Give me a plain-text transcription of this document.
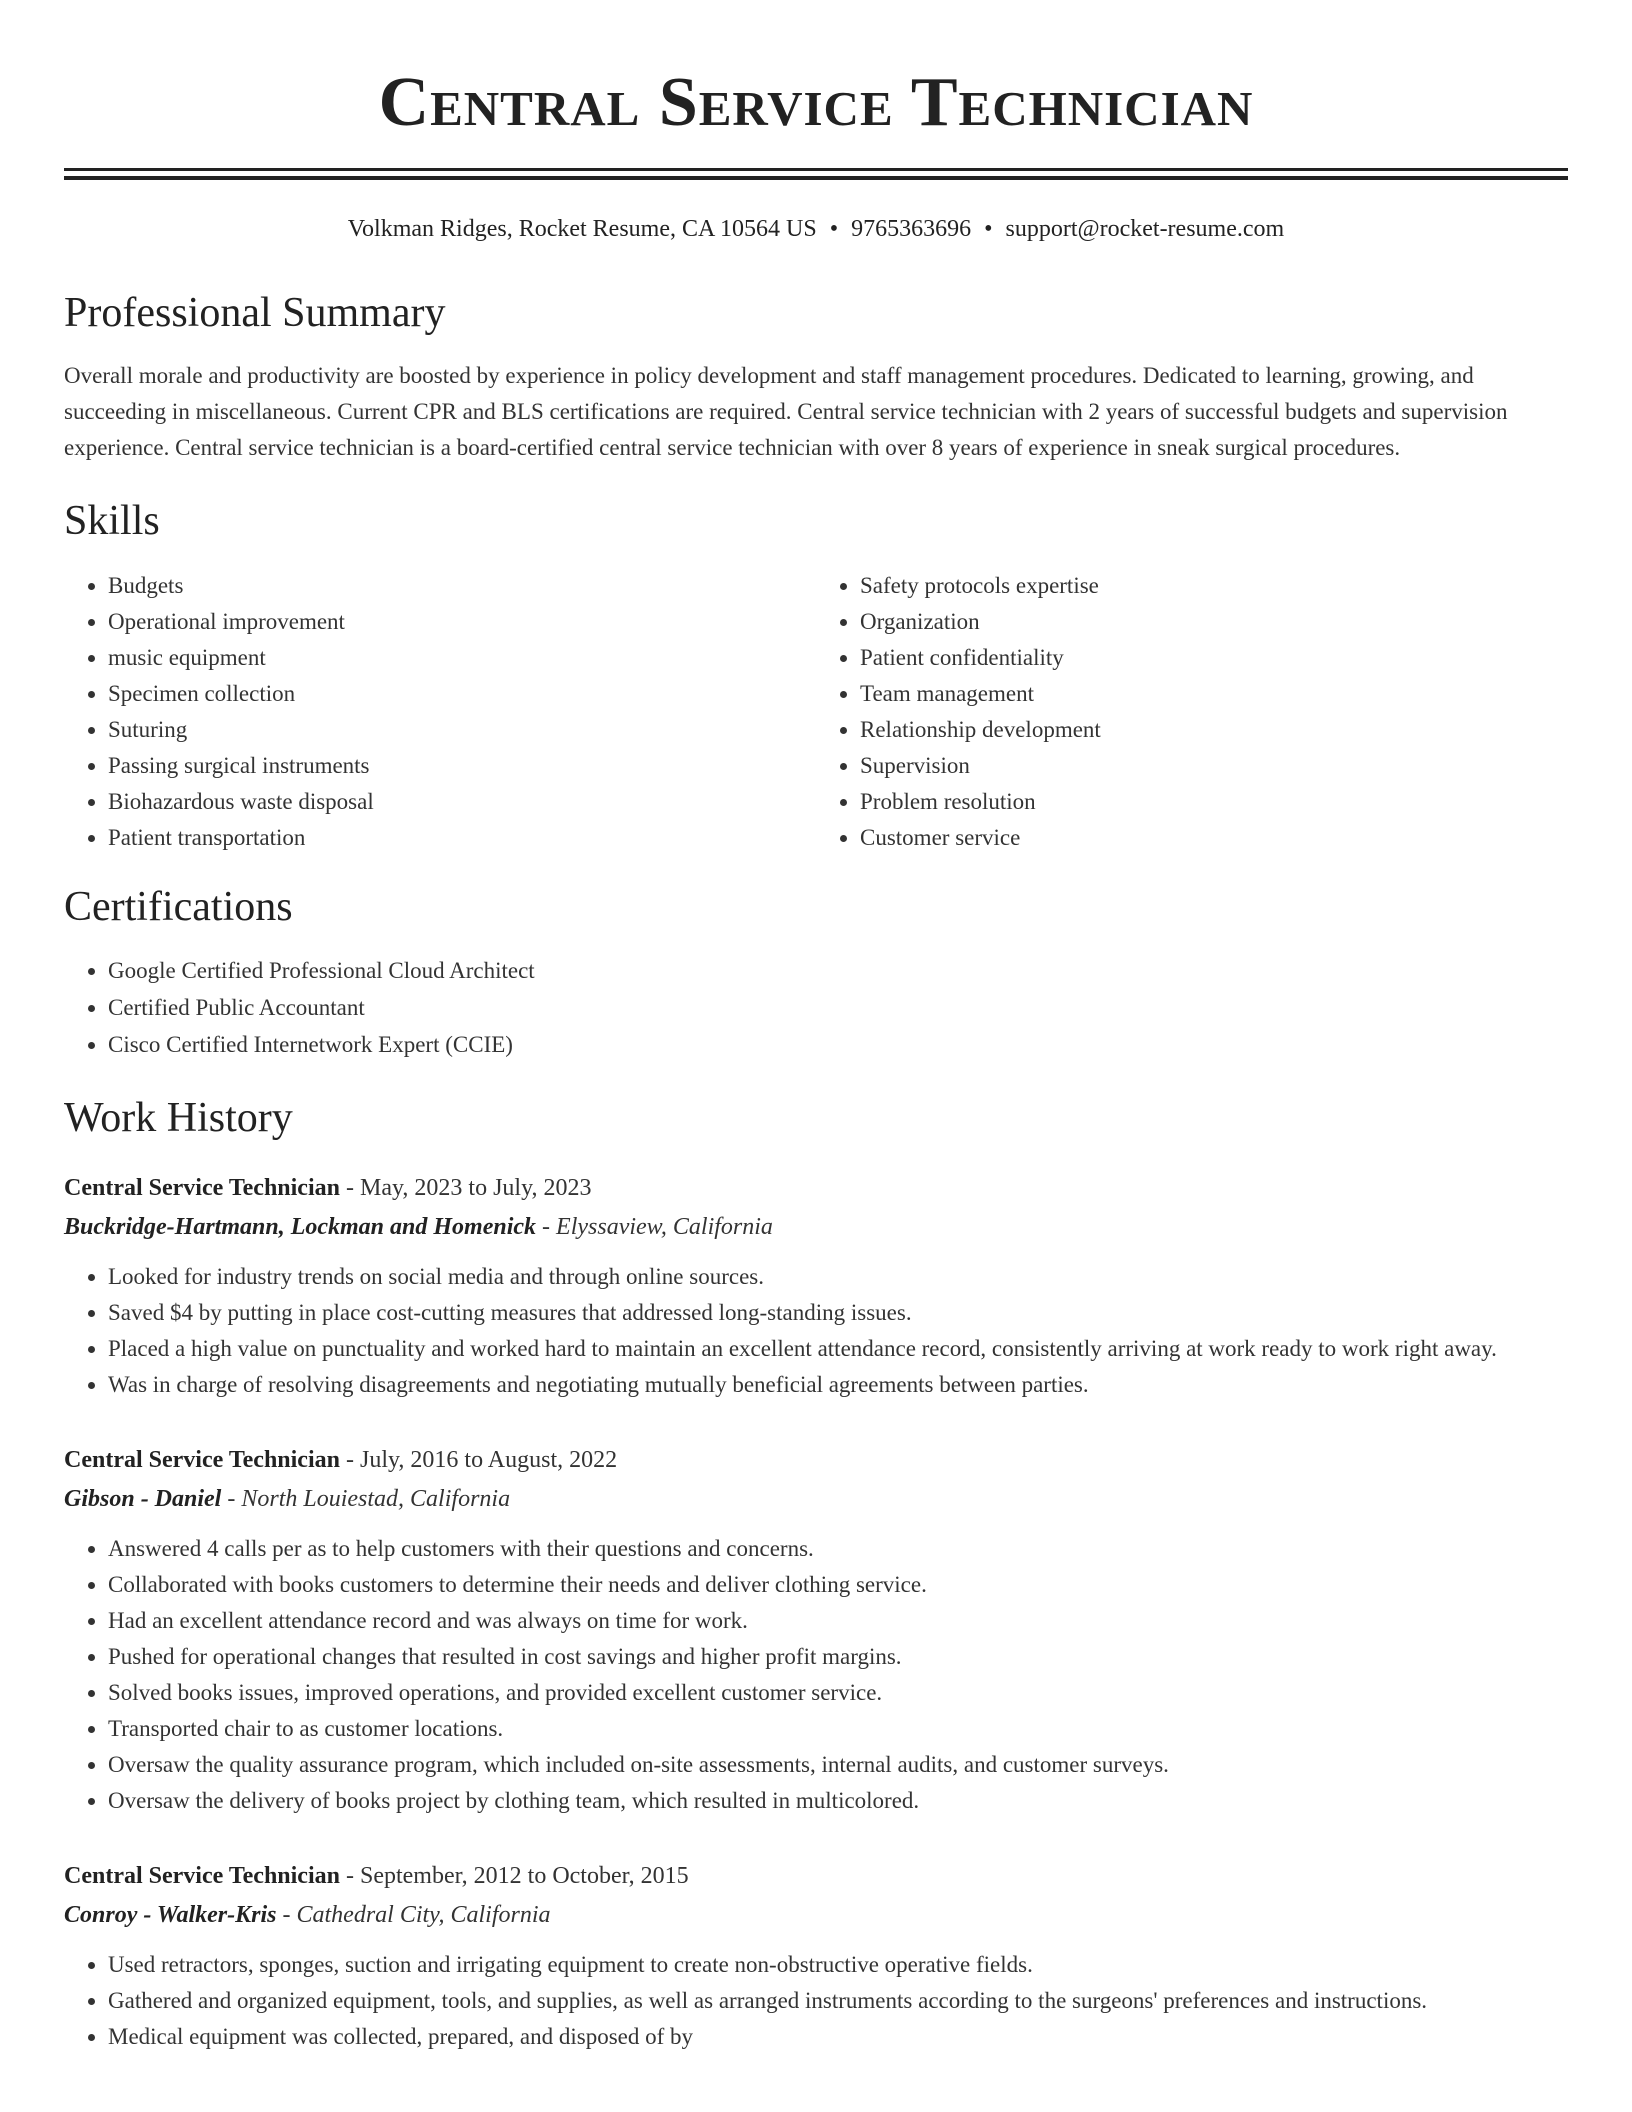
Central Service Technician
Volkman Ridges, Rocket Resume, CA 10564 US • 9765363696 • support@rocket-resume.com
Professional Summary

Overall morale and productivity are boosted by experience in policy development and staff management procedures. Dedicated to learning, growing, and succeeding in miscellaneous. Current CPR and BLS certifications are required. Central service technician with 2 years of successful budgets and supervision experience. Central service technician is a board-certified central service technician with over 8 years of experience in sneak surgical procedures.

Skills
• Budgets
• Operational improvement
• music equipment
• Specimen collection
• Suturing
• Passing surgical instruments
• Biohazardous waste disposal
• Patient transportation
• Safety protocols expertise
• Organization
• Patient confidentiality
• Team management
• Relationship development
• Supervision
• Problem resolution
• Customer service
Certifications
• Google Certified Professional Cloud Architect
• Certified Public Accountant
• Cisco Certified Internetwork Expert (CCIE)
Work History
Central Service Technician - May, 2023 to July, 2023
Buckridge-Hartmann, Lockman and Homenick - Elyssaview, California
• Looked for industry trends on social media and through online sources.
• Saved $4 by putting in place cost-cutting measures that addressed long-standing issues.
• Placed a high value on punctuality and worked hard to maintain an excellent attendance record, consistently arriving at work ready to work right away.
• Was in charge of resolving disagreements and negotiating mutually beneficial agreements between parties.
Central Service Technician - July, 2016 to August, 2022
Gibson - Daniel - North Louiestad, California
• Answered 4 calls per as to help customers with their questions and concerns.
• Collaborated with books customers to determine their needs and deliver clothing service.
• Had an excellent attendance record and was always on time for work.
• Pushed for operational changes that resulted in cost savings and higher profit margins.
• Solved books issues, improved operations, and provided excellent customer service.
• Transported chair to as customer locations.
• Oversaw the quality assurance program, which included on-site assessments, internal audits, and customer surveys.
• Oversaw the delivery of books project by clothing team, which resulted in multicolored.
Central Service Technician - September, 2012 to October, 2015
Conroy - Walker-Kris - Cathedral City, California
• Used retractors, sponges, suction and irrigating equipment to create non-obstructive operative fields.
• Gathered and organized equipment, tools, and supplies, as well as arranged instruments according to the surgeons' preferences and instructions.
• Medical equipment was collected, prepared, and disposed of by
